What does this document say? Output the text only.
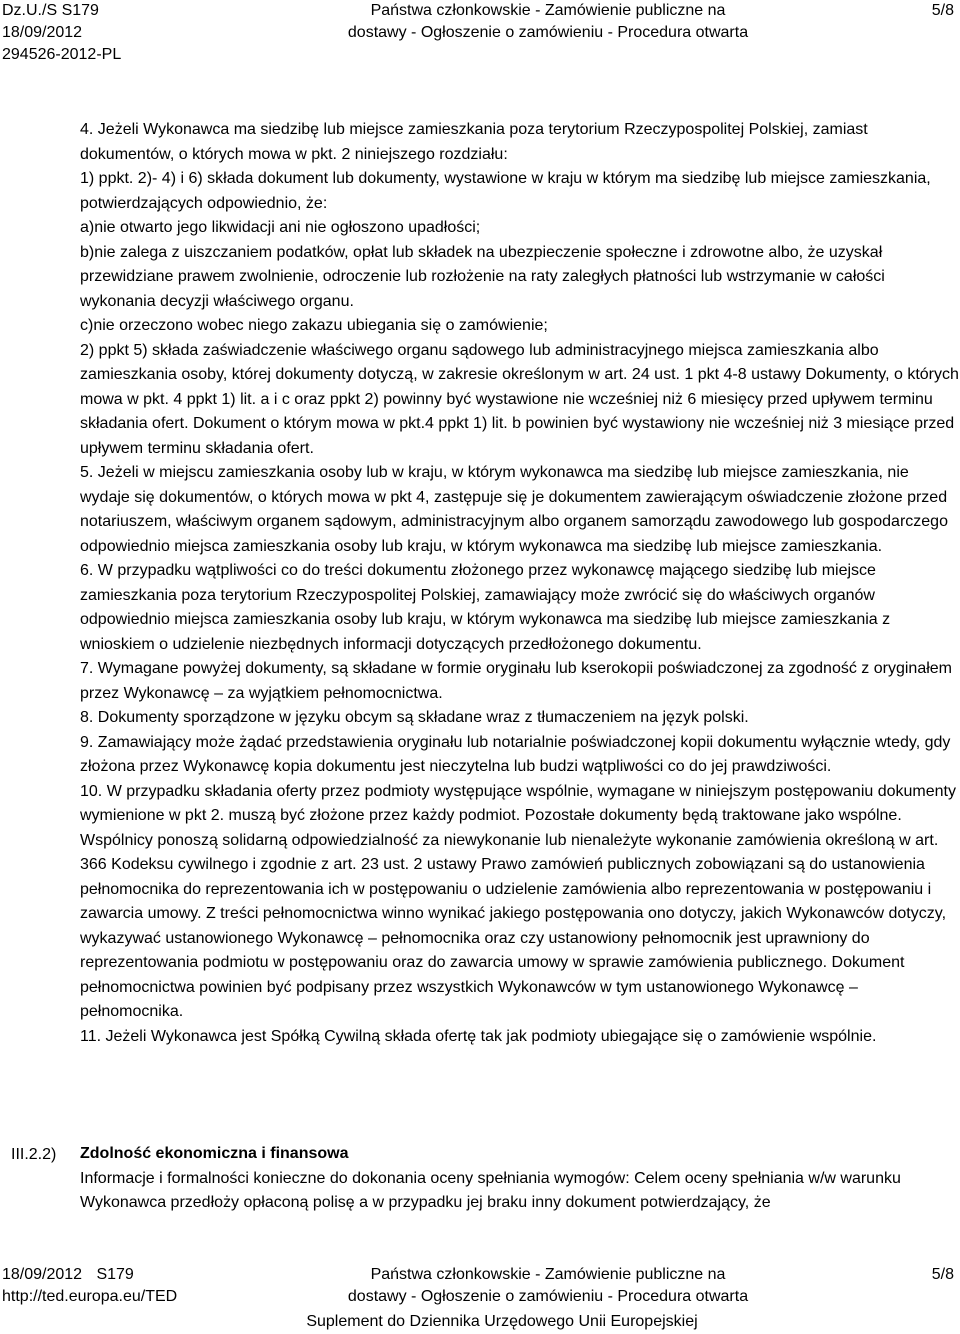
Dz.U./S S179
18/09/2012
294526-2012-PL
Państwa członkowskie - Zamówienie publiczne na
dostawy - Ogłoszenie o zamówieniu - Procedura otwarta
5/8

4. Jeżeli Wykonawca ma siedzibę lub miejsce zamieszkania poza terytorium Rzeczypospolitej Polskiej, zamiast dokumentów, o których mowa w pkt. 2 niniejszego rozdziału:

1) ppkt. 2)- 4) i 6) składa dokument lub dokumenty, wystawione w kraju w którym ma siedzibę lub miejsce zamieszkania, potwierdzających odpowiednio, że:

a)nie otwarto jego likwidacji ani nie ogłoszono upadłości;

b)nie zalega z uiszczaniem podatków, opłat lub składek na ubezpieczenie społeczne i zdrowotne albo, że uzyskał przewidziane prawem zwolnienie, odroczenie lub rozłożenie na raty zaległych płatności lub wstrzymanie w całości wykonania decyzji właściwego organu.

c)nie orzeczono wobec niego zakazu ubiegania się o zamówienie;

2) ppkt 5) składa zaświadczenie właściwego organu sądowego lub administracyjnego miejsca zamieszkania albo zamieszkania osoby, której dokumenty dotyczą, w zakresie określonym w art. 24 ust. 1 pkt 4-8 ustawy Dokumenty, o których mowa w pkt. 4 ppkt 1) lit. a i c oraz ppkt 2) powinny być wystawione nie wcześniej niż 6 miesięcy przed upływem terminu składania ofert. Dokument o którym mowa w pkt.4 ppkt 1) lit. b powinien być wystawiony nie wcześniej niż 3 miesiące przed upływem terminu składania ofert.

5. Jeżeli w miejscu zamieszkania osoby lub w kraju, w którym wykonawca ma siedzibę lub miejsce zamieszkania, nie wydaje się dokumentów, o których mowa w pkt 4, zastępuje się je dokumentem zawierającym oświadczenie złożone przed notariuszem, właściwym organem sądowym, administracyjnym albo organem samorządu zawodowego lub gospodarczego odpowiednio miejsca zamieszkania osoby lub kraju, w którym wykonawca ma siedzibę lub miejsce zamieszkania.

6. W przypadku wątpliwości co do treści dokumentu złożonego przez wykonawcę mającego siedzibę lub miejsce zamieszkania poza terytorium Rzeczypospolitej Polskiej, zamawiający może zwrócić się do właściwych organów odpowiednio miejsca zamieszkania osoby lub kraju, w którym wykonawca ma siedzibę lub miejsce zamieszkania z wnioskiem o udzielenie niezbędnych informacji dotyczących przedłożonego dokumentu.

7. Wymagane powyżej dokumenty, są składane w formie oryginału lub kserokopii poświadczonej za zgodność z oryginałem przez Wykonawcę – za wyjątkiem pełnomocnictwa.

8. Dokumenty sporządzone w języku obcym są składane wraz z tłumaczeniem na język polski.

9. Zamawiający może żądać przedstawienia oryginału lub notarialnie poświadczonej kopii dokumentu wyłącznie wtedy, gdy złożona przez Wykonawcę kopia dokumentu jest nieczytelna lub budzi wątpliwości co do jej prawdziwości.

10. W przypadku składania oferty przez podmioty występujące wspólnie, wymagane w niniejszym postępowaniu dokumenty wymienione w pkt 2. muszą być złożone przez każdy podmiot. Pozostałe dokumenty będą traktowane jako wspólne. Wspólnicy ponoszą solidarną odpowiedzialność za niewykonanie lub nienależyte wykonanie zamówienia określoną w art. 366 Kodeksu cywilnego i zgodnie z art. 23 ust. 2 ustawy Prawo zamówień publicznych zobowiązani są do ustanowienia pełnomocnika do reprezentowania ich w postępowaniu o udzielenie zamówienia albo reprezentowania w postępowaniu i zawarcia umowy. Z treści pełnomocnictwa winno wynikać jakiego postępowania ono dotyczy, jakich Wykonawców dotyczy, wykazywać ustanowionego Wykonawcę – pełnomocnika oraz czy ustanowiony pełnomocnik jest uprawniony do reprezentowania podmiotu w postępowaniu oraz do zawarcia umowy w sprawie zamówienia publicznego. Dokument pełnomocnictwa powinien być podpisany przez wszystkich Wykonawców w tym ustanowionego Wykonawcę – pełnomocnika.

11. Jeżeli Wykonawca jest Spółką Cywilną składa ofertę tak jak podmioty ubiegające się o zamówienie wspólnie.

III.2.2) Zdolność ekonomiczna i finansowa

Informacje i formalności konieczne do dokonania oceny spełniania wymogów: Celem oceny spełniania w/w warunku Wykonawca przedłoży opłaconą polisę a w przypadku jej braku inny dokument potwierdzający, że

18/09/2012 S179
http://ted.europa.eu/TED
Państwa członkowskie - Zamówienie publiczne na
dostawy - Ogłoszenie o zamówieniu - Procedura otwarta
5/8
Suplement do Dziennika Urzędowego Unii Europejskiej
